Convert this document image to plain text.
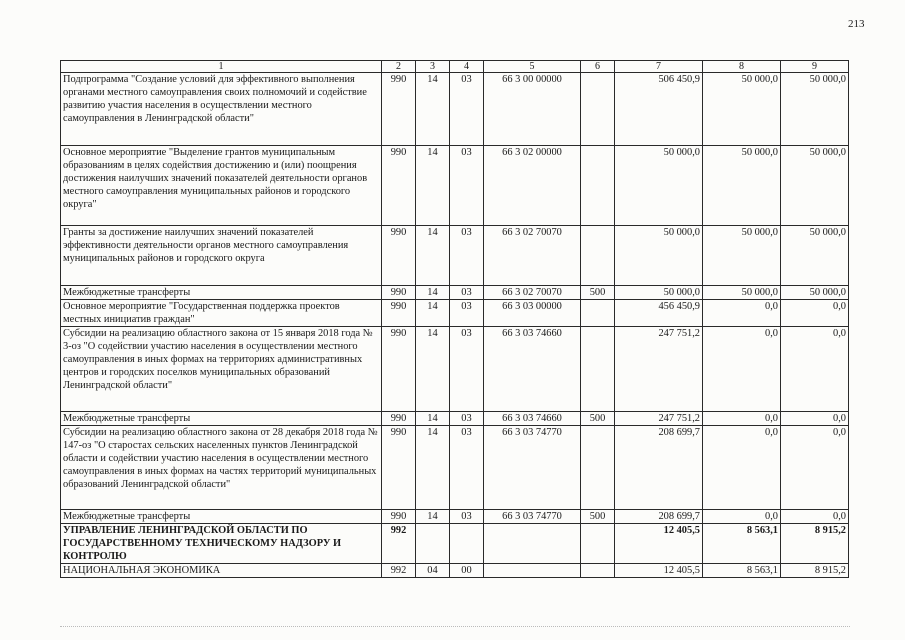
213
1	2	3	4	5	6	7	8	9
Подпрограмма "Создание условий для эффективного выполнения органами местного самоуправления своих полномочий и содействие развитию участия населения в осуществлении местного самоуправления в Ленинградской области"	990	14	03	66 3 00 00000		506 450,9	50 000,0	50 000,0
Основное мероприятие "Выделение грантов муниципальным образованиям в целях содействия достижению и (или) поощрения достижения наилучших значений показателей деятельности органов местного самоуправления муниципальных районов и городского округа"	990	14	03	66 3 02 00000		50 000,0	50 000,0	50 000,0
Гранты за достижение наилучших значений показателей эффективности деятельности органов местного самоуправления муниципальных районов и городского округа	990	14	03	66 3 02 70070		50 000,0	50 000,0	50 000,0
Межбюджетные трансферты	990	14	03	66 3 02 70070	500	50 000,0	50 000,0	50 000,0
Основное мероприятие "Государственная поддержка проектов местных инициатив граждан"	990	14	03	66 3 03 00000		456 450,9	0,0	0,0
Субсидии на реализацию областного закона от 15 января 2018 года № 3-оз "О содействии участию населения в осуществлении местного самоуправления в иных формах на территориях административных центров и городских поселков муниципальных образований Ленинградской области"	990	14	03	66 3 03 74660		247 751,2	0,0	0,0
Межбюджетные трансферты	990	14	03	66 3 03 74660	500	247 751,2	0,0	0,0
Субсидии на реализацию областного закона от 28 декабря 2018 года № 147-оз "О старостах сельских населенных пунктов Ленинградской области и содействии участию населения в осуществлении местного самоуправления в иных формах на частях территорий муниципальных образований Ленинградской области"	990	14	03	66 3 03 74770		208 699,7	0,0	0,0
Межбюджетные трансферты	990	14	03	66 3 03 74770	500	208 699,7	0,0	0,0
УПРАВЛЕНИЕ ЛЕНИНГРАДСКОЙ ОБЛАСТИ ПО ГОСУДАРСТВЕННОМУ ТЕХНИЧЕСКОМУ НАДЗОРУ И КОНТРОЛЮ	992					12 405,5	8 563,1	8 915,2
НАЦИОНАЛЬНАЯ ЭКОНОМИКА	992	04	00			12 405,5	8 563,1	8 915,2
